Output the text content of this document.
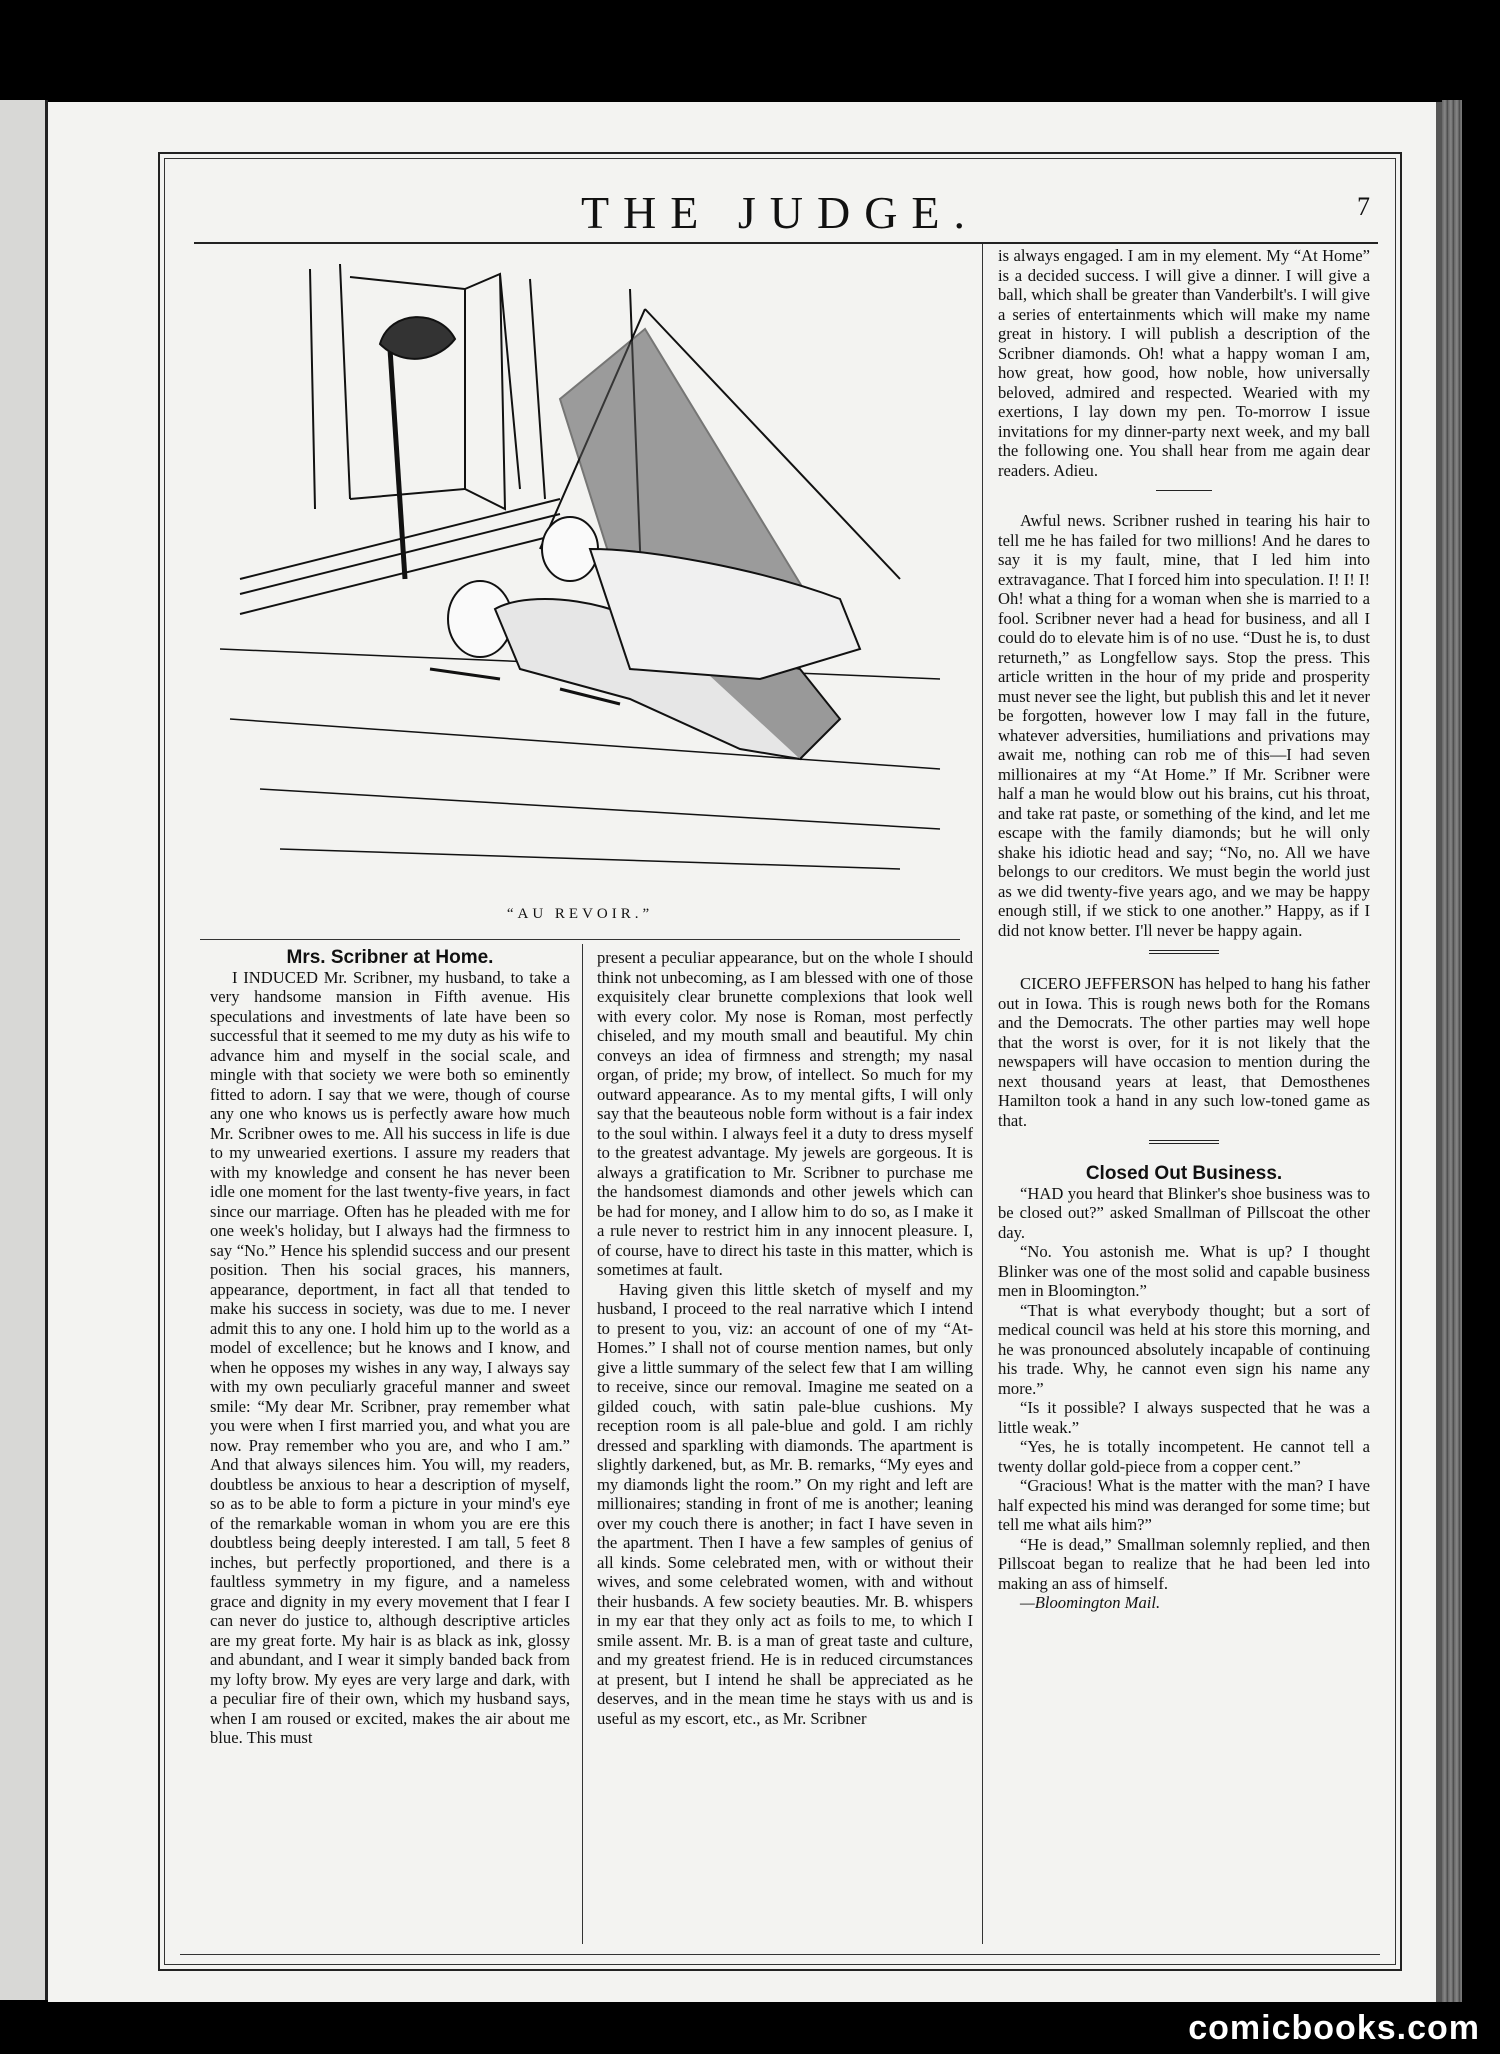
THE JUDGE.	7
“AU REVOIR.”

Mrs. Scribner at Home.

I INDUCED Mr. Scribner, my husband, to take a very handsome mansion in Fifth avenue. His speculations and investments of late have been so successful that it seemed to me my duty as his wife to advance him and myself in the social scale, and mingle with that society we were both so eminently fitted to adorn. I say that we were, though of course any one who knows us is perfectly aware how much Mr. Scribner owes to me. All his success in life is due to my unwearied exertions. I assure my readers that with my knowledge and consent he has never been idle one moment for the last twenty-five years, in fact since our marriage. Often has he pleaded with me for one week's holiday, but I always had the firmness to say “No.” Hence his splendid success and our present position. Then his social graces, his manners, appearance, deportment, in fact all that tended to make his success in society, was due to me. I never admit this to any one. I hold him up to the world as a model of excellence; but he knows and I know, and when he opposes my wishes in any way, I always say with my own peculiarly graceful manner and sweet smile: “My dear Mr. Scribner, pray remember what you were when I first married you, and what you are now. Pray remember who you are, and who I am.” And that always silences him. You will, my readers, doubtless be anxious to hear a description of myself, so as to be able to form a picture in your mind's eye of the remarkable woman in whom you are ere this doubtless being deeply interested. I am tall, 5 feet 8 inches, but perfectly proportioned, and there is a faultless symmetry in my figure, and a nameless grace and dignity in my every movement that I fear I can never do justice to, although descriptive articles are my great forte. My hair is as black as ink, glossy and abundant, and I wear it simply banded back from my lofty brow. My eyes are very large and dark, with a peculiar fire of their own, which my husband says, when I am roused or excited, makes the air about me blue. This must

present a peculiar appearance, but on the whole I should think not unbecoming, as I am blessed with one of those exquisitely clear brunette complexions that look well with every color. My nose is Roman, most perfectly chiseled, and my mouth small and beautiful. My chin conveys an idea of firmness and strength; my nasal organ, of pride; my brow, of intellect. So much for my outward appearance. As to my mental gifts, I will only say that the beauteous noble form without is a fair index to the soul within. I always feel it a duty to dress myself to the greatest advantage. My jewels are gorgeous. It is always a gratification to Mr. Scribner to purchase me the handsomest diamonds and other jewels which can be had for money, and I allow him to do so, as I make it a rule never to restrict him in any innocent pleasure. I, of course, have to direct his taste in this matter, which is sometimes at fault.

Having given this little sketch of myself and my husband, I proceed to the real narrative which I intend to present to you, viz: an account of one of my “At-Homes.” I shall not of course mention names, but only give a little summary of the select few that I am willing to receive, since our removal. Imagine me seated on a gilded couch, with satin pale-blue cushions. My reception room is all pale-blue and gold. I am richly dressed and sparkling with diamonds. The apartment is slightly darkened, but, as Mr. B. remarks, “My eyes and my diamonds light the room.” On my right and left are millionaires; standing in front of me is another; leaning over my couch there is another; in fact I have seven in the apartment. Then I have a few samples of genius of all kinds. Some celebrated men, with or without their wives, and some celebrated women, with and without their husbands. A few society beauties. Mr. B. whispers in my ear that they only act as foils to me, to which I smile assent. Mr. B. is a man of great taste and culture, and my greatest friend. He is in reduced circumstances at present, but I intend he shall be appreciated as he deserves, and in the mean time he stays with us and is useful as my escort, etc., as Mr. Scribner

is always engaged. I am in my element. My “At Home” is a decided success. I will give a dinner. I will give a ball, which shall be greater than Vanderbilt's. I will give a series of entertainments which will make my name great in history. I will publish a description of the Scribner diamonds. Oh! what a happy woman I am, how great, how good, how noble, how universally beloved, admired and respected. Wearied with my exertions, I lay down my pen. To-morrow I issue invitations for my dinner-party next week, and my ball the following one. You shall hear from me again dear readers. Adieu.

Awful news. Scribner rushed in tearing his hair to tell me he has failed for two millions! And he dares to say it is my fault, mine, that I led him into extravagance. That I forced him into speculation. I! I! I! Oh! what a thing for a woman when she is married to a fool. Scribner never had a head for business, and all I could do to elevate him is of no use. “Dust he is, to dust returneth,” as Longfellow says. Stop the press. This article written in the hour of my pride and prosperity must never see the light, but publish this and let it never be forgotten, however low I may fall in the future, whatever adversities, humiliations and privations may await me, nothing can rob me of this—I had seven millionaires at my “At Home.” If Mr. Scribner were half a man he would blow out his brains, cut his throat, and take rat paste, or something of the kind, and let me escape with the family diamonds; but he will only shake his idiotic head and say; “No, no. All we have belongs to our creditors. We must begin the world just as we did twenty-five years ago, and we may be happy enough still, if we stick to one another.” Happy, as if I did not know better. I'll never be happy again.

CICERO JEFFERSON has helped to hang his father out in Iowa. This is rough news both for the Romans and the Democrats. The other parties may well hope that the worst is over, for it is not likely that the newspapers will have occasion to mention during the next thousand years at least, that Demosthenes Hamilton took a hand in any such low-toned game as that.

Closed Out Business.

“HAD you heard that Blinker's shoe business was to be closed out?” asked Smallman of Pillscoat the other day.

“No. You astonish me. What is up? I thought Blinker was one of the most solid and capable business men in Bloomington.”

“That is what everybody thought; but a sort of medical council was held at his store this morning, and he was pronounced absolutely incapable of continuing his trade. Why, he cannot even sign his name any more.”

“Is it possible? I always suspected that he was a little weak.”

“Yes, he is totally incompetent. He cannot tell a twenty dollar gold-piece from a copper cent.”

“Gracious! What is the matter with the man? I have half expected his mind was deranged for some time; but tell me what ails him?”

“He is dead,” Smallman solemnly replied, and then Pillscoat began to realize that he had been led into making an ass of himself.

—Bloomington Mail.

comicbooks.com
